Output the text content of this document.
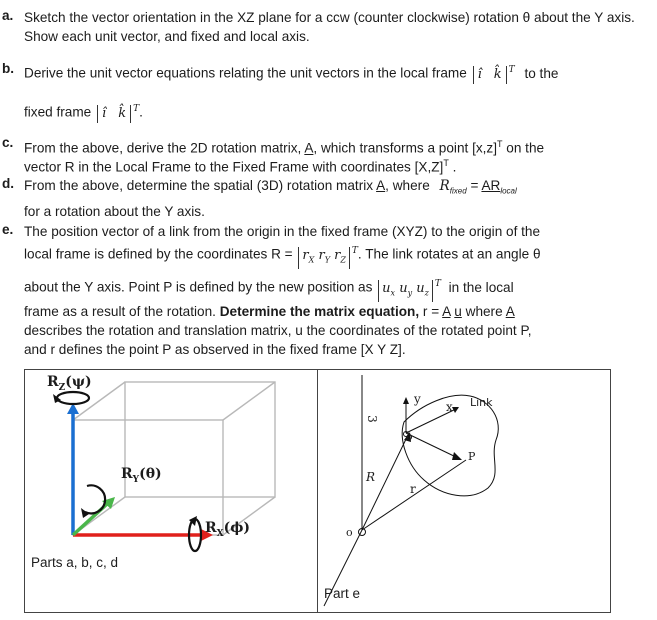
a. Sketch the vector orientation in the XZ plane for a ccw (counter clockwise) rotation θ about the Y axis. Show each unit vector, and fixed and local axis.
b. Derive the unit vector equations relating the unit vectors in the local frame î k̂ $^T$ to the
fixed frame î k̂ $^T$.
c. From the above, derive the 2D rotation matrix, A, which transforms a point $[x,z]^T$ on the
vector R in the Local Frame to the Fixed Frame with coordinates $[X,Z]^T$ .
d. From the above, determine the spatial (3D) rotation matrix A, where $R_{fixed} = AR_{local}$
for a rotation about the Y axis.
e. The position vector of a link from the origin in the fixed frame (XYZ) to the origin of the
local frame is defined by the coordinates $R = r_X$ $r_Y$ $r_Z^T$. The link rotates at an angle θ
about the Y axis. Point P is defined by the new position as $u_x$ $u_y$ $u_z^T$ in the local
frame as a result of the rotation. Determine the matrix equation, r = A u where A
describes the rotation and translation matrix, u the coordinates of the rotated point P,
and r defines the point P as observed in the fixed frame [X Y Z].
$R_Z(\psi)$
$R_Y(\theta)$
$R_X(\phi)$
Parts a, b, c, d
3
y
x Link
P
r
R
o
o
Part e
